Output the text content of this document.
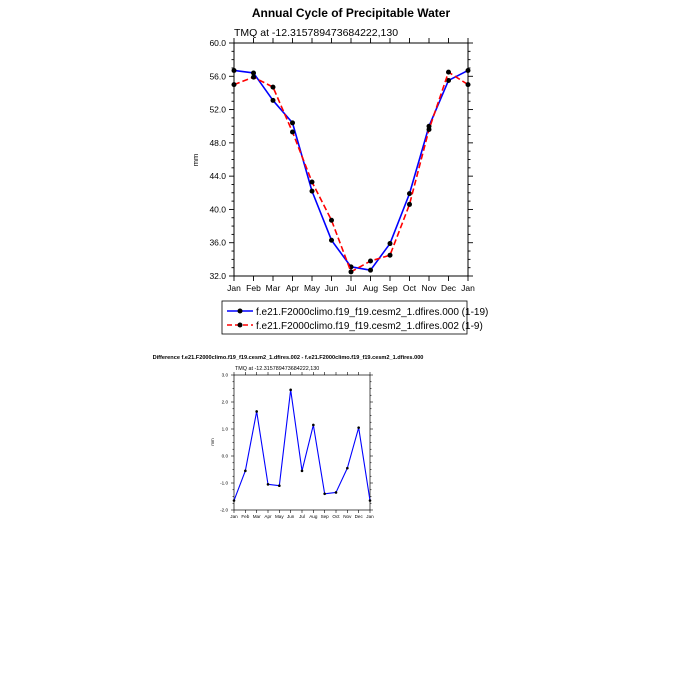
Annual Cycle of Precipitable Water
TMQ at -12.315789473684222,130
mm
32.0
36.0
40.0
44.0
48.0
52.0
56.0
60.0
Jan Feb Mar Apr May Jun Jul Aug Sep Oct Nov Dec Jan
f.e21.F2000climo.f19_f19.cesm2_1.dfires.000 (1-19)
f.e21.F2000climo.f19_f19.cesm2_1.dfires.002 (1-9)
Difference f.e21.F2000climo.f19_f19.cesm2_1.dfires.002 - f.e21.F2000climo.f19_f19.cesm2_1.dfires.000
TMQ at -12.315789473684222,130
mm
-2.0
-1.0
0.0
1.0
2.0
3.0
Jan Feb Mar Apr May Jun Jul Aug Sep Oct Nov Dec Jan
